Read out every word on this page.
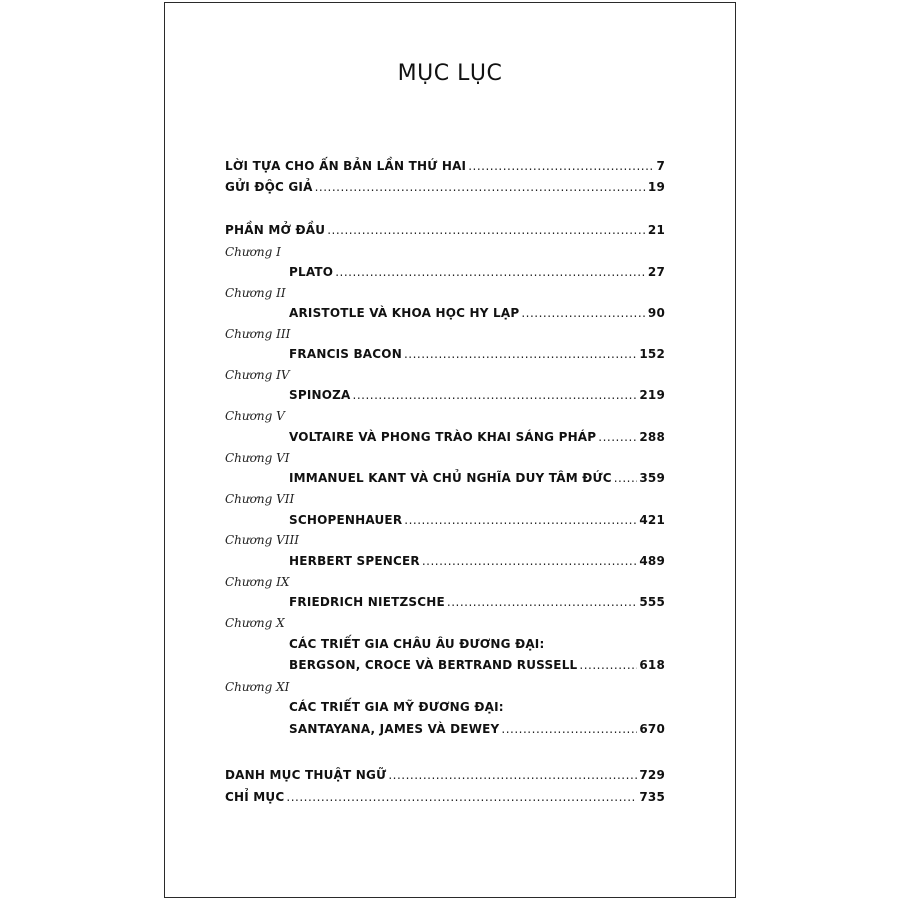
MỤC LỤC
LỜI TỰA CHO ẤN BẢN LẦN THỨ HAI .....	7
GỬI ĐỘC GIẢ .....	19
PHẦN MỞ ĐẦU .....	21
Chương I
PLATO .....	27
Chương II
ARISTOTLE VÀ KHOA HỌC HY LẠP .....	90
Chương III
FRANCIS BACON .....	152
Chương IV
SPINOZA .....	219
Chương V
VOLTAIRE VÀ PHONG TRÀO KHAI SÁNG PHÁP .....	288
Chương VI
IMMANUEL KANT VÀ CHỦ NGHĨA DUY TÂM ĐỨC ..... 359
Chương VII
SCHOPENHAUER .....	421
Chương VIII
HERBERT SPENCER .....	489
Chương IX
FRIEDRICH NIETZSCHE .....	555
Chương X
CÁC TRIẾT GIA CHÂU ÂU ĐƯƠNG ĐẠI:
BERGSON, CROCE VÀ BERTRAND RUSSELL .....	618
Chương XI
CÁC TRIẾT GIA MỸ ĐƯƠNG ĐẠI:
SANTAYANA, JAMES VÀ DEWEY .....	670
DANH MỤC THUẬT NGỮ .....	729
CHỈ MỤC .....	735
